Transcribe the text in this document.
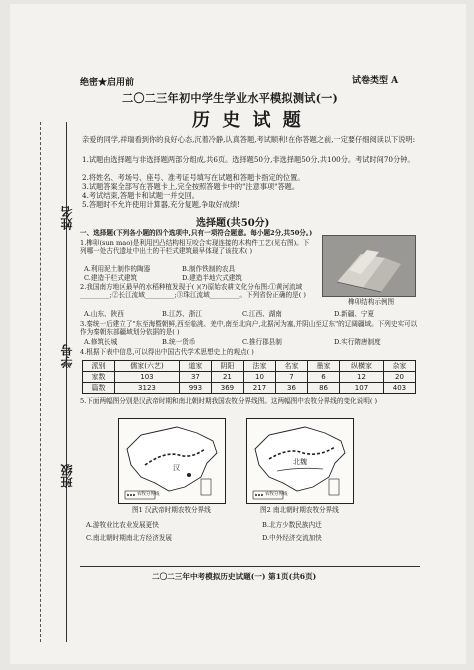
姓名
学号
班级
绝密★启用前	试卷类型 A
二〇二三年初中学生学业水平模拟测试(一)
历 史 试 题
亲爱的同学,祥瑞看到你的良好心态,沉着冷静,认真答题,考试顺利!在你答题之前,一定要仔细阅读以下说明:
1.试题由选择题与非选择题两部分组成,共6页。选择题50分,非选择题50分,共100分。考试时间70分钟。
2.将姓名、考场号、座号、准考证号填写在试题和答题卡指定的位置。
3.试题答案全部写在答题卡上,完全按照答题卡中的"注意事项"答题。
4.考试结束,答题卡和试题一并交回。
5.答题时不允许使用计算器,充分复题,争取好成绩!
选择题(共50分)
一、选择题(下列各小题的四个选项中,只有一项符合题意。每小题2分,共50分。)
1.榫卯(sun mao)是利用凹凸结构相互咬合实现连接的木构件工艺(见右图)。下列哪一处古代遗址中出土的干栏式建筑最早体现了该技术( )
A.利用泥土制作的陶器	B.制作铁制的农具
C.建造干栏式建筑	D.建造半地穴式建筑
榫卯结构示例图
2.我国南方地区最早的水稻种植发现于( )(?)原始农耕文化分布图:①黄河流域_________;②长江流域_________;③珠江流域_________。下列省份正确的是( )
A.山东、陕西	B.江苏、浙江	C.江西、湖南	D.新疆、宁夏
3.秦统一后建立了"东至海暨朝鲜,西至临洮、羌中,南至北向户,北据河为塞,并阴山至辽东"的辽阔疆域。下列史实可以作为秦朝东部疆域划分依据的是( )
A.修筑长城	B.统一货币	C.推行郡县制	D.实行隋唐制度
4.根据下表中信息,可以得出中国古代学术思想史上的观点( )
派别	儒家(六艺)	道家	阴阳	法家	名家	墨家	纵横家	杂家
家数	103	37	21	10	7	6	12	20
篇数	3123	993	369	217	36	86	107	403
5.下面两幅图分别是汉武帝时期和南北朝时期我国农牧分界线图。这两幅图中农牧分界线的变化说明( )
汉
农牧分界线
图1 汉武帝时期农牧分界线
北魏
农牧分界线
图2 南北朝时期农牧分界线
A.游牧业比农业发展更快	B.北方少数民族内迁
C.南北朝时期南北方经济发展	D.中外经济交流加快
二〇二三年中考模拟历史试题(一) 第1页(共6页)
